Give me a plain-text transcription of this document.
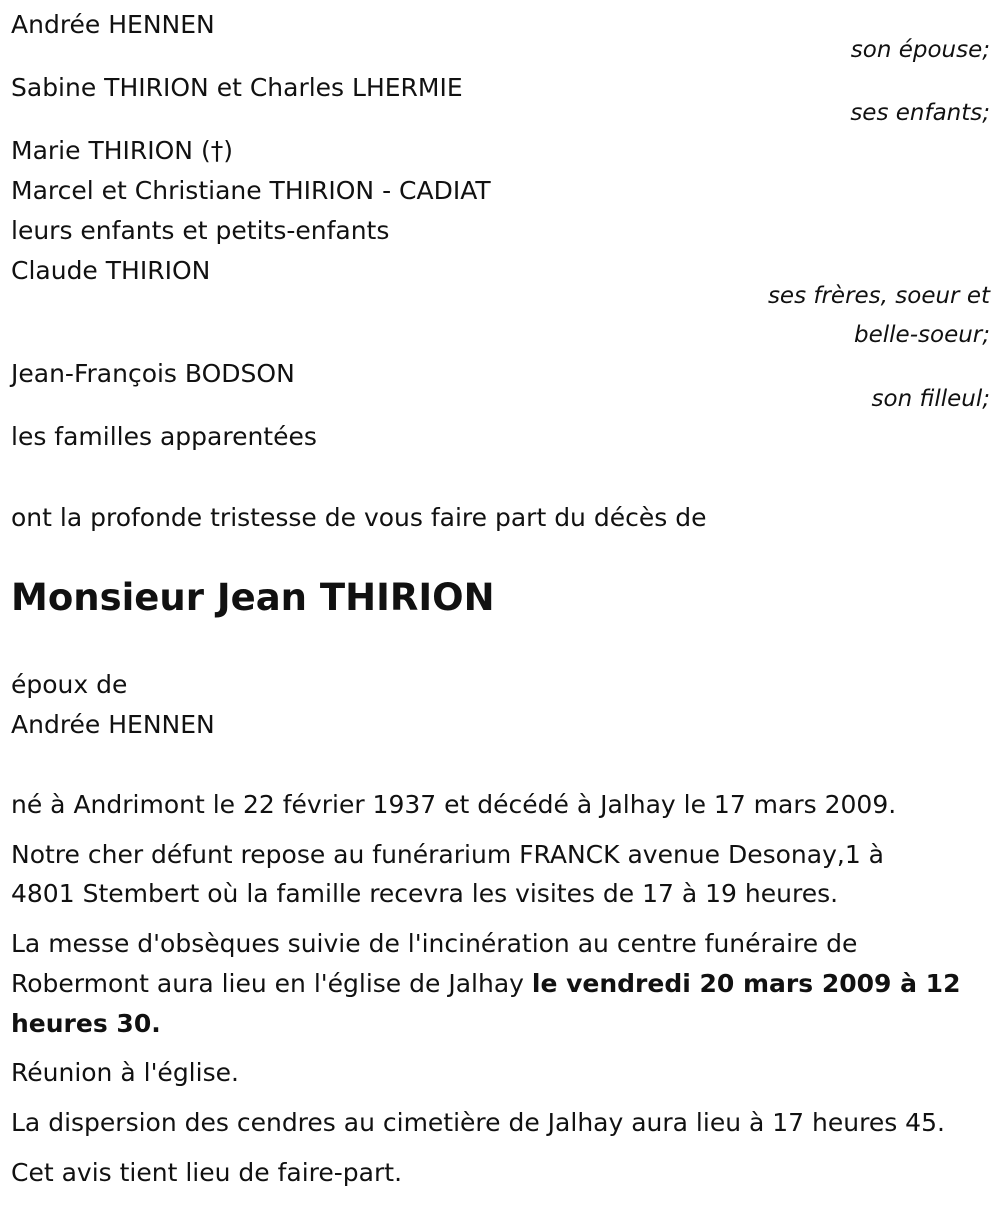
Andrée HENNEN

son épouse;

Sabine THIRION et Charles LHERMIE

ses enfants;

Marie THIRION (†)

Marcel et Christiane THIRION - CADIAT

leurs enfants et petits-enfants

Claude THIRION

ses frères, soeur et

belle-soeur;

Jean-François BODSON

son filleul;

les familles apparentées

ont la profonde tristesse de vous faire part du décès de

Monsieur Jean THIRION

époux de

Andrée HENNEN

né à Andrimont le 22 février 1937 et décédé à Jalhay le 17 mars 2009.

Notre cher défunt repose au funérarium FRANCK avenue Desonay,1 à

4801 Stembert où la famille recevra les visites de 17 à 19 heures.

La messe d'obsèques suivie de l'incinération au centre funéraire de

Robermont aura lieu en l'église de Jalhay le vendredi 20 mars 2009 à 12

heures 30.

Réunion à l'église.

La dispersion des cendres au cimetière de Jalhay aura lieu à 17 heures 45.

Cet avis tient lieu de faire-part.
